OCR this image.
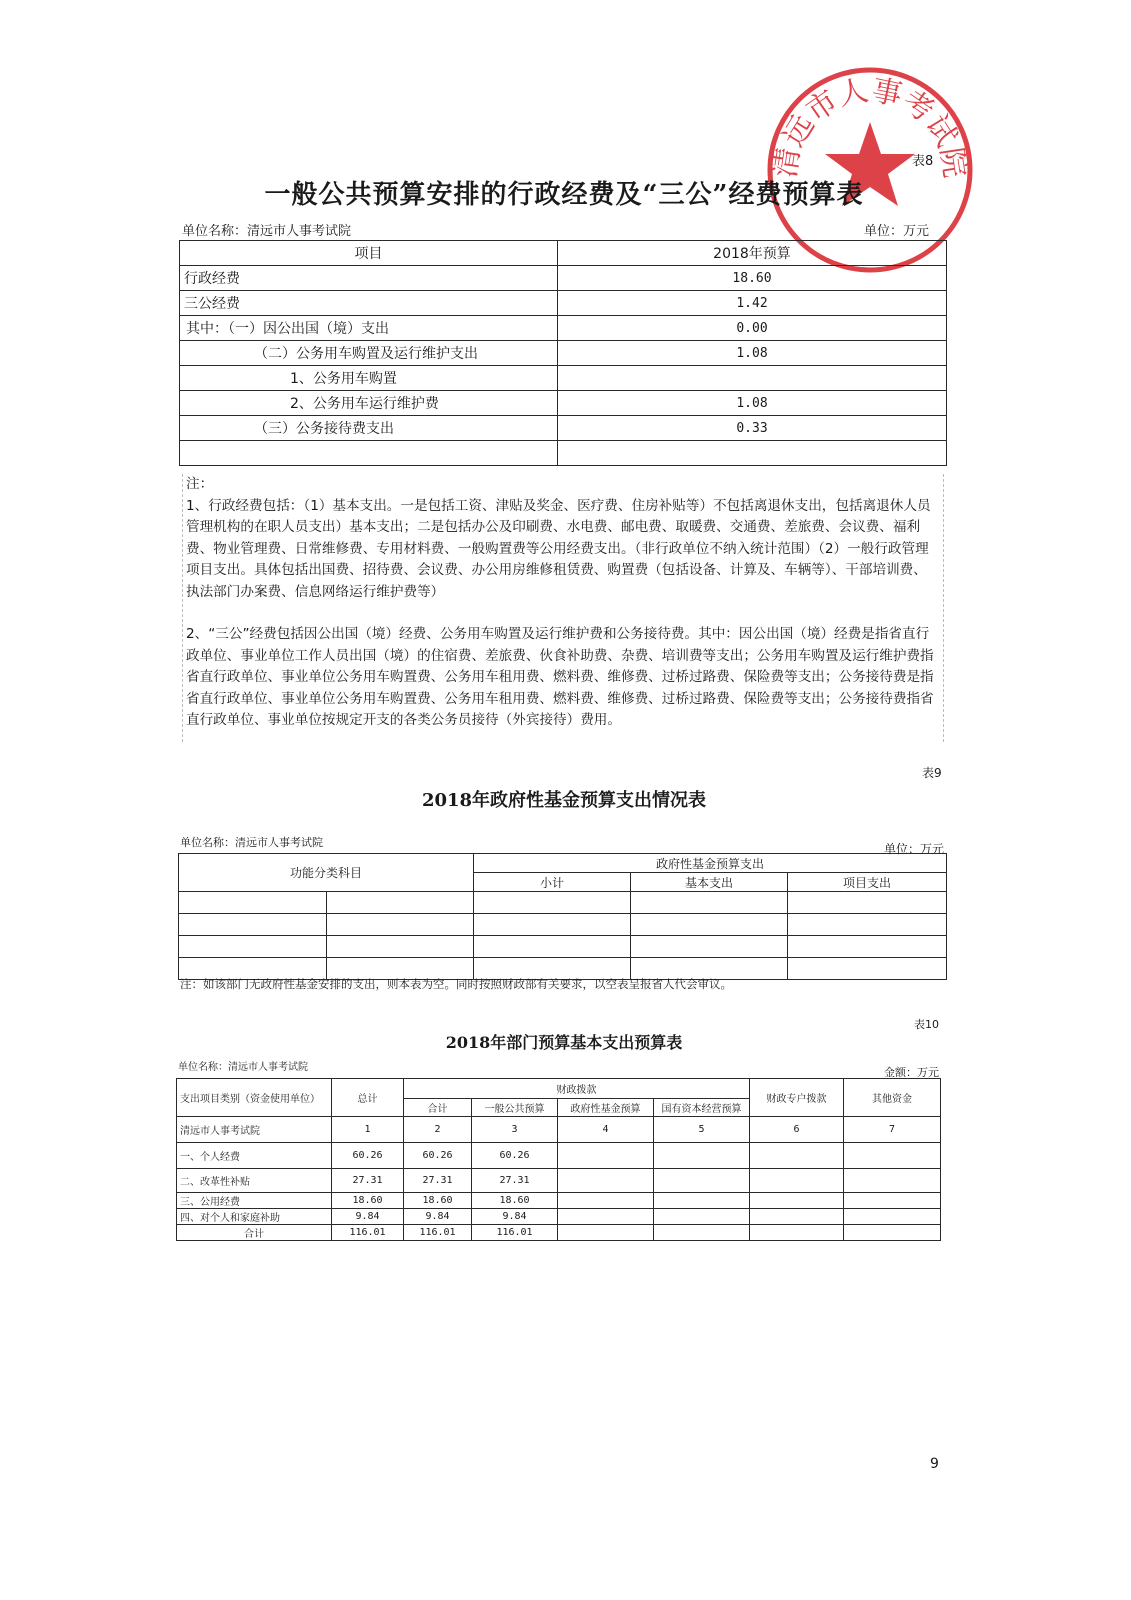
清远市人事考试院
表8
一般公共预算安排的行政经费及“三公”经费预算表
单位名称：清远市人事考试院	单位：万元
项目	2018年预算
行政经费	18.60
三公经费	1.42
其中：（一）因公出国（境）支出	0.00
（二）公务用车购置及运行维护支出	1.08
1、公务用车购置	
2、公务用车运行维护费	1.08
（三）公务接待费支出	0.33

注：

1、行政经费包括：（1）基本支出。一是包括工资、津贴及奖金、医疗费、住房补贴等）不包括离退休支出，包括离退休人员管理机构的在职人员支出）基本支出；二是包括办公及印刷费、水电费、邮电费、取暖费、交通费、差旅费、会议费、福利费、物业管理费、日常维修费、专用材料费、一般购置费等公用经费支出。（非行政单位不纳入统计范围）（2）一般行政管理项目支出。具体包括出国费、招待费、会议费、办公用房维修租赁费、购置费（包括设备、计算及、车辆等）、干部培训费、执法部门办案费、信息网络运行维护费等）

2、“三公”经费包括因公出国（境）经费、公务用车购置及运行维护费和公务接待费。其中：因公出国（境）经费是指省直行政单位、事业单位工作人员出国（境）的住宿费、差旅费、伙食补助费、杂费、培训费等支出；公务用车购置及运行维护费指省直行政单位、事业单位公务用车购置费、公务用车租用费、燃料费、维修费、过桥过路费、保险费等支出；公务接待费是指省直行政单位、事业单位公务用车购置费、公务用车租用费、燃料费、维修费、过桥过路费、保险费等支出；公务接待费指省直行政单位、事业单位按规定开支的各类公务员接待（外宾接待）费用。

表9
2018年政府性基金预算支出情况表
单位名称：清远市人事考试院	单位：万元
功能分类科目		政府性基金预算支出		
		小计	基本支出	项目支出

注：如该部门无政府性基金安排的支出，则本表为空。同时按照财政部有关要求，以空表呈报省人代会审议。
表10
2018年部门预算基本支出预算表
单位名称：清远市人事考试院	金额：万元
支出项目类别（资金使用单位）	总计	财政拨款				财政专户拨款	其他资金
		合计	一般公共预算	政府性基金预算	国有资本经营预算		
清远市人事考试院	1	2	3	4	5	6	7
一、个人经费	60.26	60.26	60.26				
二、改革性补贴	27.31	27.31	27.31				
三、公用经费	18.60	18.60	18.60				
四、对个人和家庭补助	9.84	9.84	9.84				
合计	116.01	116.01	116.01				
9
